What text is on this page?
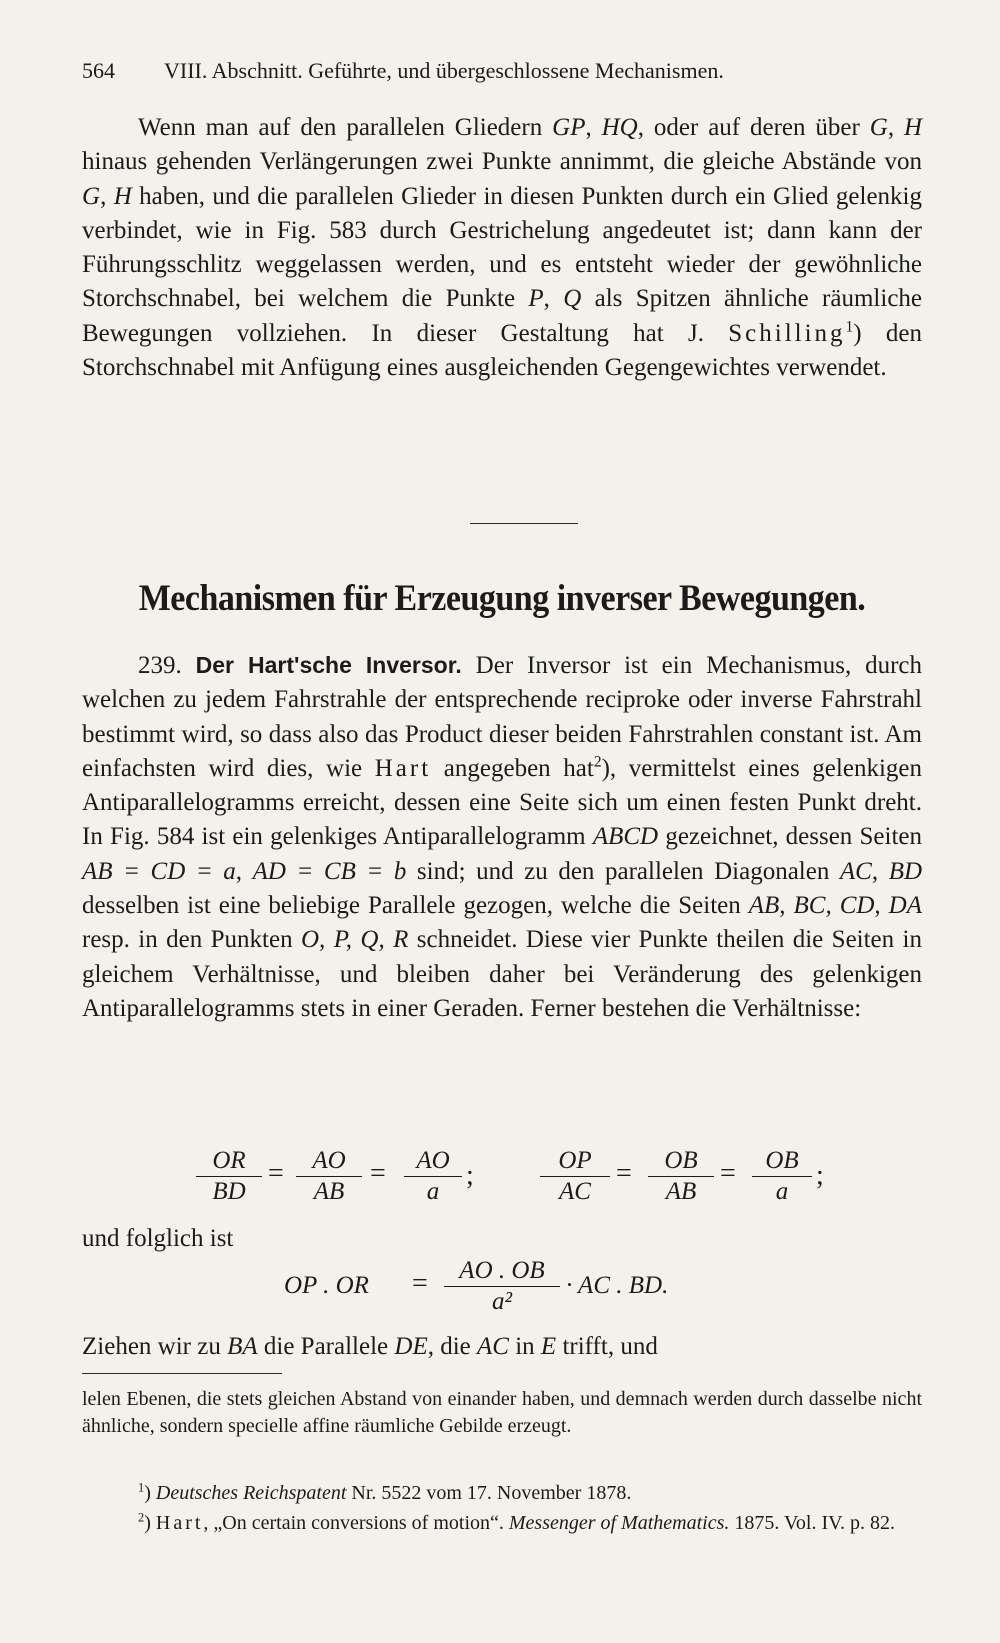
564 VIII. Abschnitt. Geführte, und übergeschlossene Mechanismen.
Wenn man auf den parallelen Gliedern GP, HQ, oder auf deren über G, H hinaus gehenden Verlängerungen zwei Punkte annimmt, die gleiche Abstände von G, H haben, und die parallelen Glieder in diesen Punkten durch ein Glied gelenkig verbindet, wie in Fig. 583 durch Gestrichelung angedeutet ist; dann kann der Führungsschlitz weggelassen werden, und es entsteht wieder der gewöhnliche Storchschnabel, bei welchem die Punkte P, Q als Spitzen ähnliche räumliche Bewegungen vollziehen. In dieser Gestaltung hat J. Schilling$^1$) den Storchschnabel mit Anfügung eines ausgleichenden Gegengewichtes verwendet.
Mechanismen für Erzeugung inverser Bewegungen.
239. Der Hart'sche Inversor. Der Inversor ist ein Mechanismus, durch welchen zu jedem Fahrstrahle der entsprechende reciproke oder inverse Fahrstrahl bestimmt wird, so dass also das Product dieser beiden Fahrstrahlen constant ist. Am einfachsten wird dies, wie Hart angegeben hat$^2$), vermittelst eines gelenkigen Antiparallelogramms erreicht, dessen eine Seite sich um einen festen Punkt dreht. In Fig. 584 ist ein gelenkiges Antiparallelogramm ABCD gezeichnet, dessen Seiten AB = CD = a, AD = CB = b sind; und zu den parallelen Diagonalen AC, BD desselben ist eine beliebige Parallele gezogen, welche die Seiten AB, BC, CD, DA resp. in den Punkten O, P, Q, R schneidet. Diese vier Punkte theilen die Seiten in gleichem Verhältnisse, und bleiben daher bei Veränderung des gelenkigen Antiparallelogramms stets in einer Geraden. Ferner bestehen die Verhältnisse:
$\frac{OR}{BD} = \frac{AO}{AB} = \frac{AO}{a}$ ;	$\frac{OP}{AC} = \frac{OB}{AB} = \frac{OB}{a}$ ;
und folglich ist
OP . OR = $\frac{AO . OB}{\text{a²}}$ · AC . BD.
Ziehen wir zu BA die Parallele DE, die AC in E trifft, und
lelen Ebenen, die stets gleichen Abstand von einander haben, und demnach werden durch dasselbe nicht ähnliche, sondern specielle affine räumliche Gebilde erzeugt.
$^1$) Deutsches Reichspatent Nr. 5522 vom 17. November 1878.
$^2$) Hart, „On certain conversions of motion“. Messenger of Mathematics. 1875. Vol. IV. p. 82.
